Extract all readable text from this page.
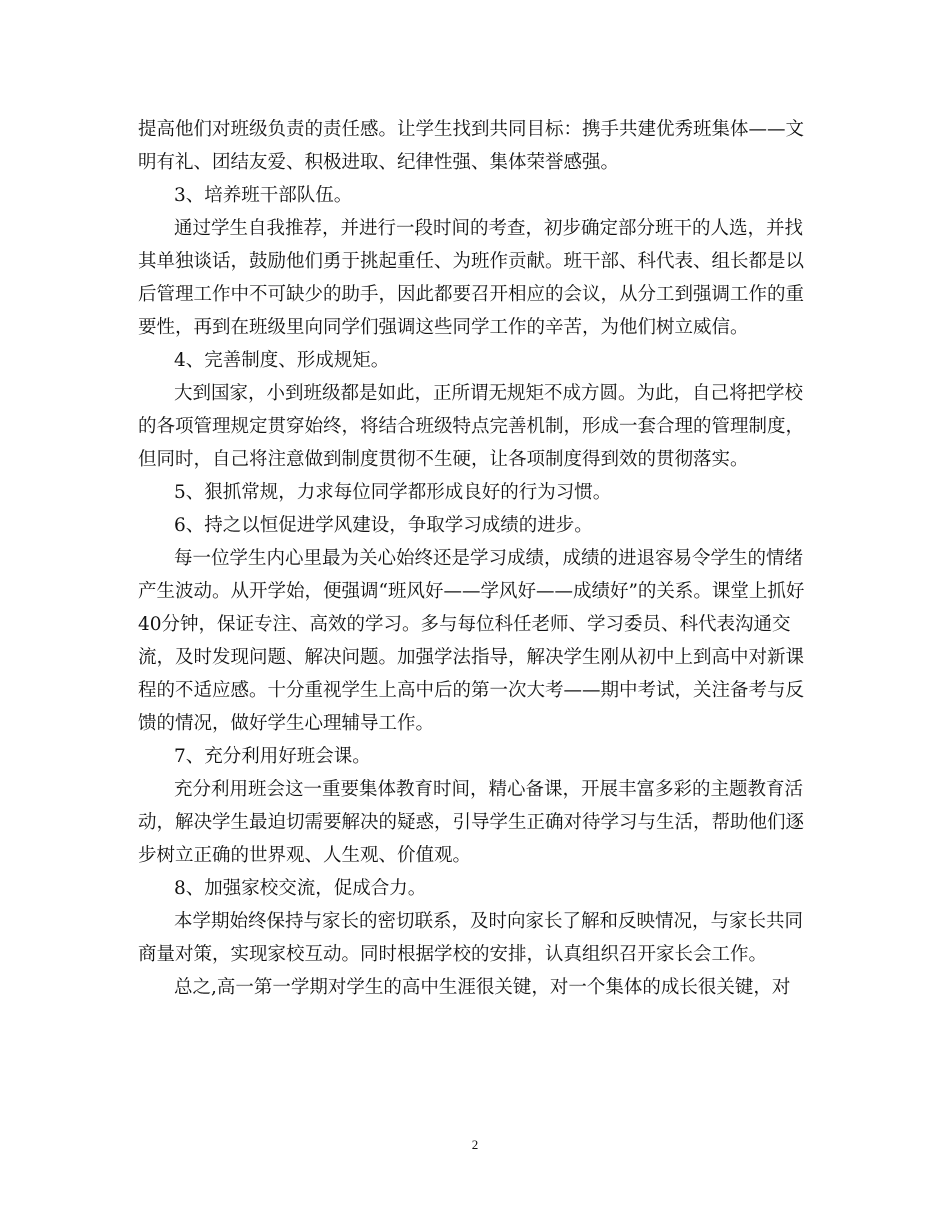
提高他们对班级负责的责任感。让学生找到共同目标：携手共建优秀班集体——文
明有礼、团结友爱、积极进取、纪律性强、集体荣誉感强。
3、培养班干部队伍。
通过学生自我推荐，并进行一段时间的考查，初步确定部分班干的人选，并找
其单独谈话，鼓励他们勇于挑起重任、为班作贡献。班干部、科代表、组长都是以
后管理工作中不可缺少的助手，因此都要召开相应的会议，从分工到强调工作的重
要性，再到在班级里向同学们强调这些同学工作的辛苦，为他们树立威信。
4、完善制度、形成规矩。
大到国家，小到班级都是如此，正所谓无规矩不成方圆。为此，自己将把学校
的各项管理规定贯穿始终，将结合班级特点完善机制，形成一套合理的管理制度，
但同时，自己将注意做到制度贯彻不生硬，让各项制度得到效的贯彻落实。
5、狠抓常规，力求每位同学都形成良好的行为习惯。
6、持之以恒促进学风建设，争取学习成绩的进步。
每一位学生内心里最为关心始终还是学习成绩，成绩的进退容易令学生的情绪
产生波动。从开学始，便强调“班风好——学风好——成绩好”的关系。课堂上抓好
40分钟，保证专注、高效的学习。多与每位科任老师、学习委员、科代表沟通交
流，及时发现问题、解决问题。加强学法指导，解决学生刚从初中上到高中对新课
程的不适应感。十分重视学生上高中后的第一次大考——期中考试，关注备考与反
馈的情况，做好学生心理辅导工作。
7、充分利用好班会课。
充分利用班会这一重要集体教育时间，精心备课，开展丰富多彩的主题教育活
动，解决学生最迫切需要解决的疑惑，引导学生正确对待学习与生活，帮助他们逐
步树立正确的世界观、人生观、价值观。
8、加强家校交流，促成合力。
本学期始终保持与家长的密切联系，及时向家长了解和反映情况，与家长共同
商量对策，实现家校互动。同时根据学校的安排，认真组织召开家长会工作。
总之,高一第一学期对学生的高中生涯很关键，对一个集体的成长很关键，对
2
